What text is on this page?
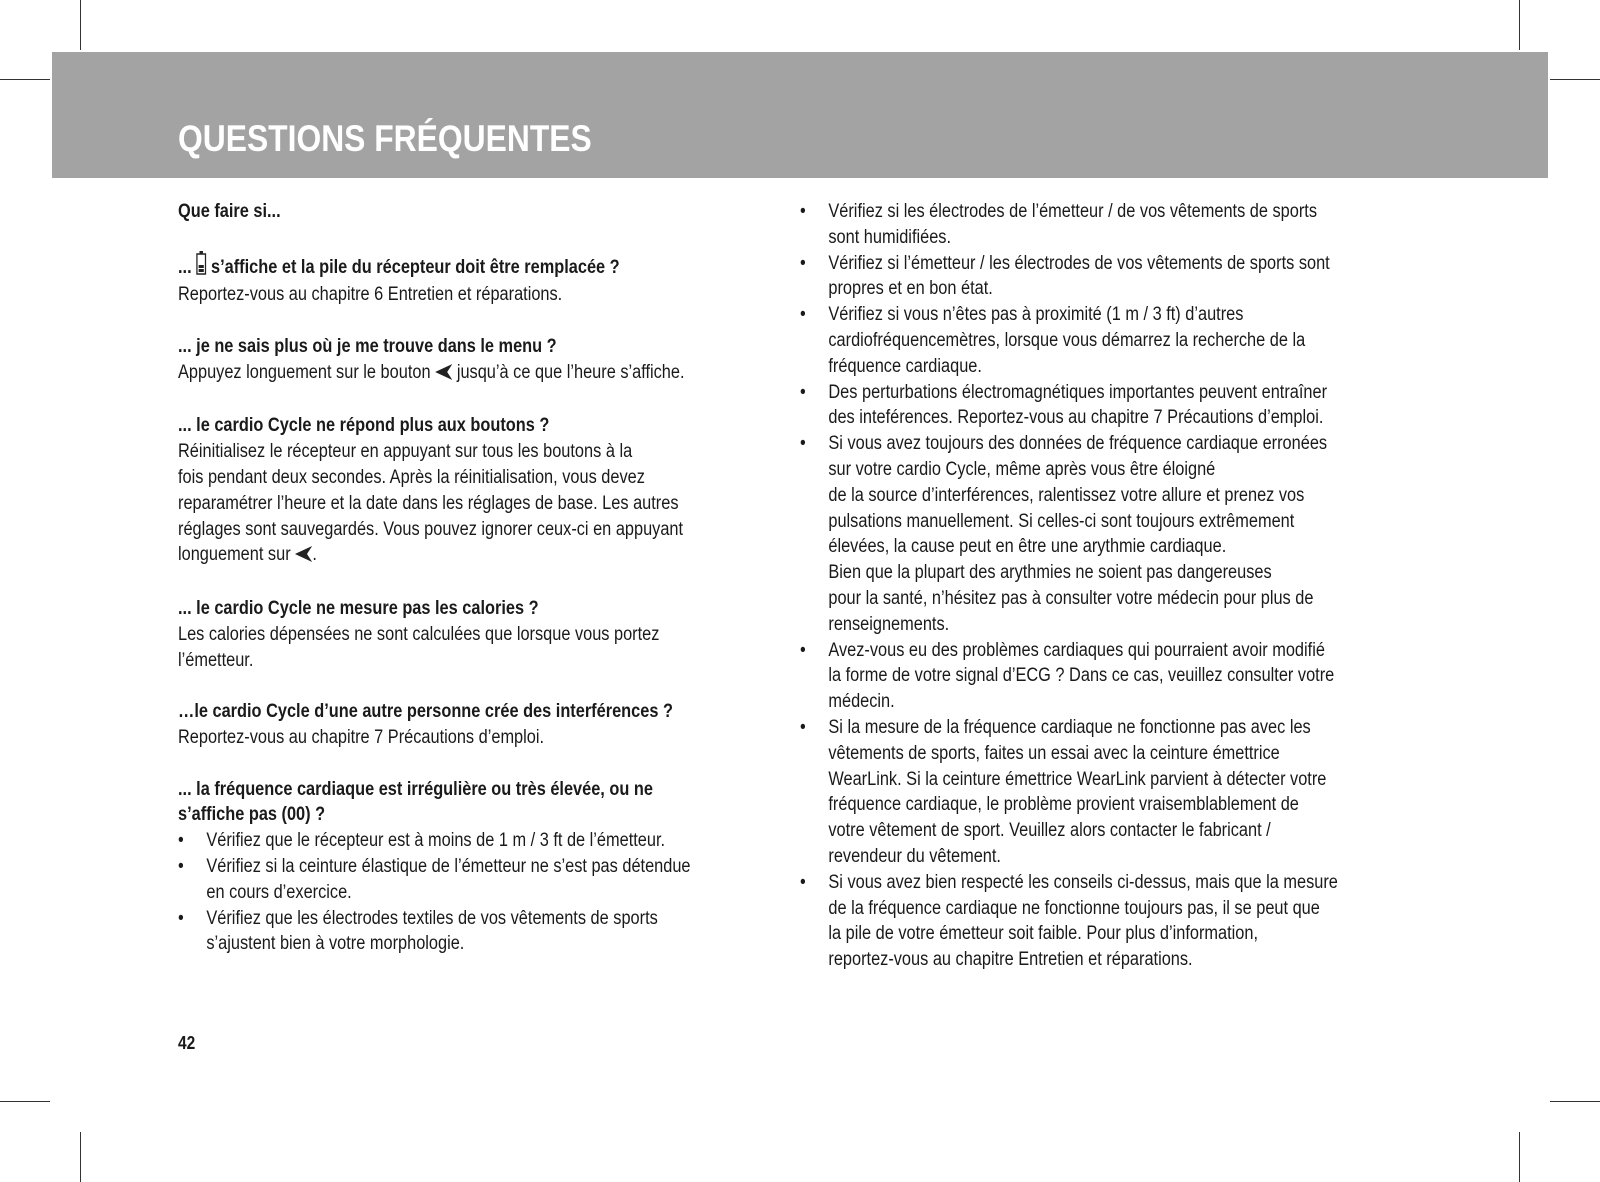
QUESTIONS FRÉQUENTES

Que faire si...

...  s’affiche et la pile du récepteur doit être remplacée ?

Reportez-vous au chapitre 6 Entretien et réparations.

... je ne sais plus où je me trouve dans le menu ?

Appuyez longuement sur le bouton  jusqu’à ce que l’heure s’affiche.

... le cardio Cycle ne répond plus aux boutons ?

Réinitialisez le récepteur en appuyant sur tous les boutons à la

fois pendant deux secondes. Après la réinitialisation, vous devez

reparamétrer l’heure et la date dans les réglages de base. Les autres

réglages sont sauvegardés. Vous pouvez ignorer ceux-ci en appuyant

longuement sur .

... le cardio Cycle ne mesure pas les calories ?

Les calories dépensées ne sont calculées que lorsque vous portez

l’émetteur.

…le cardio Cycle d’une autre personne crée des interférences ?

Reportez-vous au chapitre 7 Précautions d’emploi.

... la fréquence cardiaque est irrégulière ou très élevée, ou ne

s’affiche pas (00) ?

• Vérifiez que le récepteur est à moins de 1 m / 3 ft de l’émetteur.
• Vérifiez si la ceinture élastique de l’émetteur ne s’est pas détendue
en cours d’exercice.
• Vérifiez que les électrodes textiles de vos vêtements de sports
s’ajustent bien à votre morphologie.
• Vérifiez si les électrodes de l’émetteur / de vos vêtements de sports
sont humidifiées.
• Vérifiez si l’émetteur / les électrodes de vos vêtements de sports sont
propres et en bon état.
• Vérifiez si vous n’êtes pas à proximité (1 m / 3 ft) d’autres
cardiofréquencemètres, lorsque vous démarrez la recherche de la
fréquence cardiaque.
• Des perturbations électromagnétiques importantes peuvent entraîner
des inteférences. Reportez-vous au chapitre 7 Précautions d’emploi.
• Si vous avez toujours des données de fréquence cardiaque erronées
sur votre cardio Cycle, même après vous être éloigné
de la source d’interférences, ralentissez votre allure et prenez vos
pulsations manuellement. Si celles-ci sont toujours extrêmement
élevées, la cause peut en être une arythmie cardiaque.
Bien que la plupart des arythmies ne soient pas dangereuses
pour la santé, n’hésitez pas à consulter votre médecin pour plus de
renseignements.
• Avez-vous eu des problèmes cardiaques qui pourraient avoir modifié
la forme de votre signal d’ECG ? Dans ce cas, veuillez consulter votre
médecin.
• Si la mesure de la fréquence cardiaque ne fonctionne pas avec les
vêtements de sports, faites un essai avec la ceinture émettrice
WearLink. Si la ceinture émettrice WearLink parvient à détecter votre
fréquence cardiaque, le problème provient vraisemblablement de
votre vêtement de sport. Veuillez alors contacter le fabricant /
revendeur du vêtement.
• Si vous avez bien respecté les conseils ci-dessus, mais que la mesure
de la fréquence cardiaque ne fonctionne toujours pas, il se peut que
la pile de votre émetteur soit faible. Pour plus d’information,
reportez-vous au chapitre Entretien et réparations.
42
